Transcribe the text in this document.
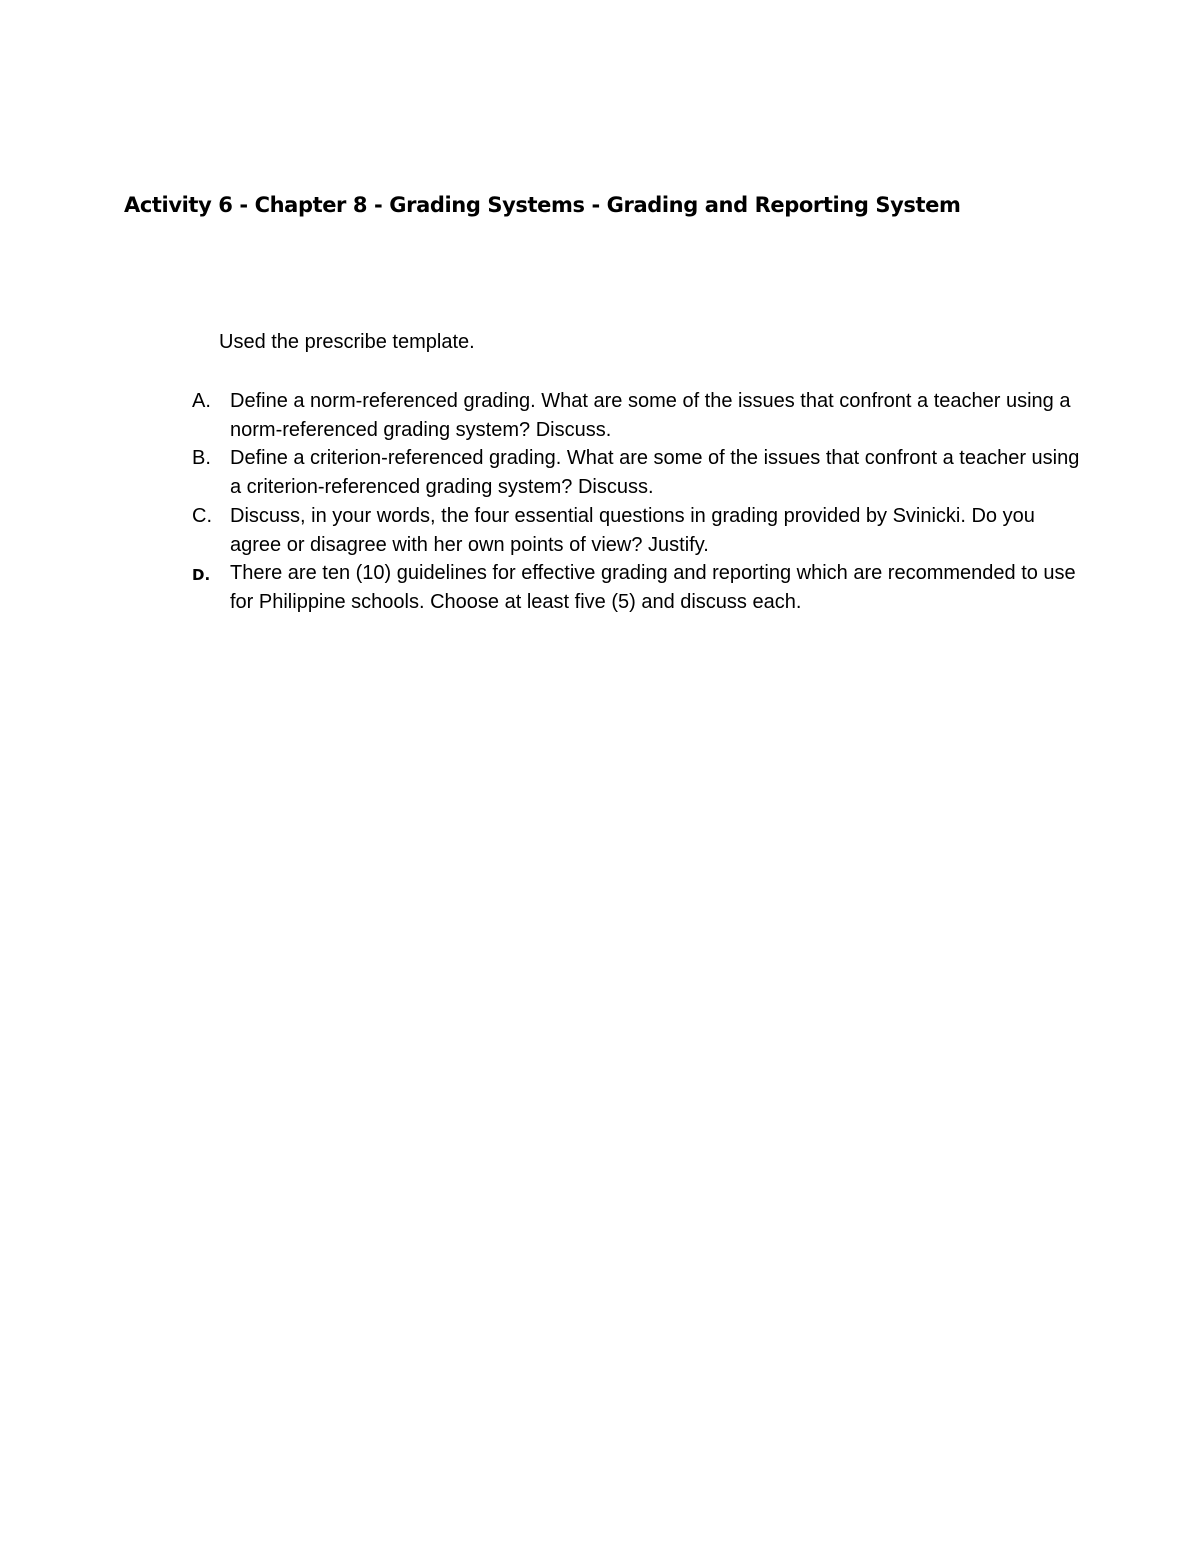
Activity 6 - Chapter 8 - Grading Systems - Grading and Reporting System

Used the prescribe template.

A. Define a norm-referenced grading. What are some of the issues that confront a teacher using a norm-referenced grading system? Discuss.
B. Define a criterion-referenced grading. What are some of the issues that confront a teacher using a criterion-referenced grading system? Discuss.
C. Discuss, in your words, the four essential questions in grading provided by Svinicki. Do you agree or disagree with her own points of view? Justify.
D. There are ten (10) guidelines for effective grading and reporting which are recommended to use for Philippine schools. Choose at least five (5) and discuss each.
